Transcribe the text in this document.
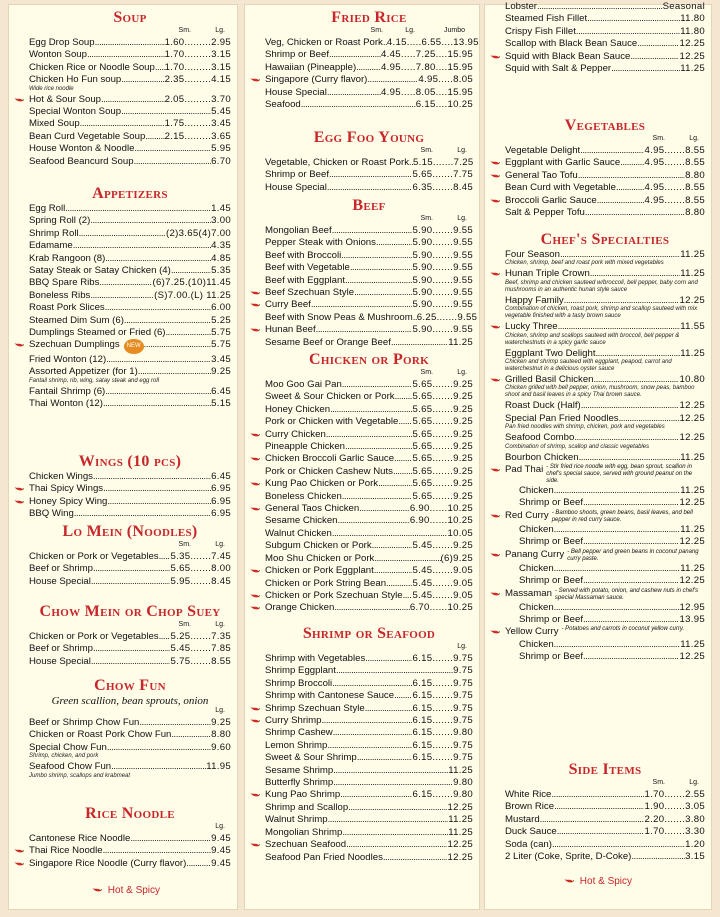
Soup
Sm.	Lg.
Egg Drop Soup .....	1.60.........2.95
Wonton Soup .....	1.70.........3.15
Chicken Rice or Noodle Soup ..... 1.70.........3.15
Chicken Ho Fun soup .....	2.35.........4.15
Wide rice noodle
Hot & Sour Soup .....	2.05.........3.70
Special Wonton Soup .....	5.45
Mixed Soup .....	1.75.........3.45
Bean Curd Vegetable Soup ..... 2.15.........3.65
House Wonton & Noodle .....	5.95
Seafood Beancurd Soup .....	6.70
Appetizers
Egg Roll .....	1.45
Spring Roll (2) .....	3.00
Shrimp Roll .....	(2)3.65(4)7.00
Edamame .....	4.35
Krab Rangoon (8) .....	4.85
Satay Steak or Satay Chicken (4) .....	5.35
BBQ Spare Ribs .....	(6)7.25.(10)11.45
Boneless Ribs .....	(S)7.00.(L) 11.25
Roast Pork Slices .....	6.00
Steamed Dim Sum (6) .....	5.25
Dumplings Steamed or Fried (6) .....	5.75
Szechuan Dumplings	NEW .....	5.75
Fried Wonton (12) .....	3.45
Assorted Appetizer (for 1) .....	9.25
Fantail shrimp, rib, wing, satay steak and egg roll
Fantail Shrimp (6) .....	6.45
Thai Wonton (12) .....	5.15
Wings (10 pcs)
Chicken Wings .....	6.45
Thai Spicy Wings .....	6.95
Honey Spicy Wing .....	6.95
BBQ Wing .....	6.95
Lo Mein (Noodles)
Sm.	Lg.
Chicken or Pork or Vegetables ..... 5.35.......7.45
Beef or Shrimp .....	5.65.......8.00
House Special .....	5.95.......8.45
Chow Mein or Chop Suey
Sm.	Lg.
Chicken or Pork or Vegetables ..... 5.25.......7.35
Beef or Shrimp .....	5.45.......7.85
House Special .....	5.75.......8.55
Chow Fun
Green scallion, bean sprouts, onion
Lg.
Beef or Shrimp Chow Fun .....	9.25
Chicken or Roast Pork Chow Fun .....	8.80
Special Chow Fun .....	9.60
Shrimp, chicken, and pork
Seafood Chow Fun .....	11.95
Jumbo shrimp, scallops and krabmeat
Rice Noodle
Lg.
Cantonese Rice Noodle .....	9.45
Thai Rice Noodle .....	9.45
Singapore Rice Noodle (Curry flavor) .....	9.45
Fried Rice
Sm.	Lg.	Jumbo
Veg, Chicken or Roast Pork ..... 4.15.....6.55....13.95
Shrimp or Beef .....	4.45.....7.25....15.95
Hawaiian (Pineapple) .....	4.95.....7.80....15.95
Singapore (Curry flavor) .....	4.95.....8.05
House Special .....	4.95.....8.05....15.95
Seafood .....	6.15....10.25
Egg Foo Young
Sm.	Lg.
Vegetable, Chicken or Roast Pork ..... 5.15.......7.25
Shrimp or Beef .....	5.65.......7.75
House Special .....	6.35.......8.45
Beef
Sm.	Lg.
Mongolian Beef .....	5.90.......9.55
Pepper Steak with Onions .....	5.90.......9.55
Beef with Broccoli .....	5.90.......9.55
Beef with Vegetable .....	5.90.......9.55
Beef with Eggplant .....	5.90.......9.55
Beef Szechuan Style .....	5.90.......9.55
Curry Beef .....	5.90.......9.55
Beef with Snow Peas & Mushroom ..... 6.25.......9.55
Hunan Beef .....	5.90.......9.55
Sesame Beef or Orange Beef .....	11.25
Chicken or Pork
Sm.	Lg.
Moo Goo Gai Pan .....	5.65.......9.25
Sweet & Sour Chicken or Pork ..... 5.65.......9.25
Honey Chicken .....	5.65.......9.25
Pork or Chicken with Vegetable ..... 5.65.......9.25
Curry Chicken .....	5.65.......9.25
Pineapple Chicken .....	5.65.......9.25
Chicken Broccoli Garlic Sauce ..... 5.65.......9.25
Pork or Chicken Cashew Nuts ..... 5.65.......9.25
Kung Pao Chicken or Pork .....	5.65.......9.25
Boneless Chicken .....	5.65.......9.25
General Taos Chicken .....	6.90......10.25
Sesame Chicken .....	6.90......10.25
Walnut Chicken .....	10.05
Subgum Chicken or Pork .....	5.45.......9.25
Moo Shu Chicken or Pork .....	(6)9.25
Chicken or Pork Eggplant .....	5.45.......9.05
Chicken or Pork String Bean .....	5.45.......9.05
Chicken or Pork Szechuan Style ..... 5.45.......9.05
Orange Chicken .....	6.70......10.25
Shrimp or Seafood
Lg.
Shrimp with Vegetables .....	6.15.......9.75
Shrimp Eggplant .....	9.75
Shrimp Broccoli .....	6.15.......9.75
Shrimp with Cantonese Sauce ..... 6.15.......9.75
Shrimp Szechuan Style .....	6.15.......9.75
Curry Shrimp .....	6.15.......9.75
Shrimp Cashew .....	6.15.......9.80
Lemon Shrimp .....	6.15.......9.75
Sweet & Sour Shrimp .....	6.15.......9.75
Sesame Shrimp .....	11.25
Butterfly Shrimp .....	9.80
Kung Pao Shrimp .....	6.15.......9.80
Shrimp and Scallop .....	12.25
Walnut Shrimp .....	11.25
Mongolian Shrimp .....	11.25
Szechuan Seafood .....	12.25
Seafood Pan Fried Noodles .....	12.25
Lobster .....	Seasonal
Steamed Fish Fillet .....	11.80
Crispy Fish Fillet .....	11.80
Scallop with Black Bean Sauce .....	12.25
Squid with Black Bean Sauce .....	12.25
Squid with Salt & Pepper .....	11.25
Vegetables
Sm.	Lg.
Vegetable Delight .....	4.95.......8.55
Eggplant with Garlic Sauce .....	4.95.......8.55
General Tao Tofu .....	8.80
Bean Curd with Vegetable .....	4.95.......8.55
Broccoli Garlic Sauce .....	4.95.......8.55
Salt & Pepper Tofu .....	8.80
Chef's Specialties
Four Season .....	11.25
Chicken, shrimp, beef and roast pork with mixed vegetables
Hunan Triple Crown .....	11.25
Beef, shrimp and chicken sauteed w/broccoli, bell pepper, baby corn and mushrooms in an authentic hunan style sauce
Happy Family .....	12.25
Combination of chicken, roast pork, shrimp and scallop sauteed with mix vegetable finished with a tasty brown sauce
Lucky Three .....	11.55
Chicken, shrimp and scallops sauteed with broccoli, bell pepper & waterchestnuts in a spicy garlic sauce
Eggplant Two Delight .....	11.25
Chicken and shrimp sauteed with eggplant, peapod, carrot and waterchestnut in a delicious oyster sauce
Grilled Basil Chicken .....	10.80
Chicken grilled with bell pepper, onion, mushroom, snow peas, bamboo shoot and basil leaves in a spicy Thai brown sauce.
Roast Duck (Half) .....	12.25
Special Pan Fried Noodles .....	12.25
Pan fried noodles with shrimp, chicken, pork and vegetables
Seafood Combo .....	12.25
Combination of shrimp, scallop and classic vegetables
Bourbon Chicken .....	11.25
Pad Thai - Stir fried rice noodle with egg, bean sprout, scallion in chef's special sauce, served with ground peanut on the side.
Chicken .....	11.25
Shrimp or Beef .....	12.25
Red Curry - Bamboo shoots, green beans, basil leaves, and bell pepper in red curry sauce.
Chicken .....	11.25
Shrimp or Beef .....	12.25
Panang Curry - Bell pepper and green beans in coconut panang curry paste.
Chicken .....	11.25
Shrimp or Beef .....	12.25
Massaman - Served with potato, onion, and cashew nuts in chef's special Massaman sauce.
Chicken .....	12.95
Shrimp or Beef .....	13.95
Yellow Curry - Potatoes and carrots in coconut yellow curry.
Chicken .....	11.25
Shrimp or Beef .....	12.25
Side Items
Sm.	Lg.
White Rice .....	1.70.......2.55
Brown Rice .....	1.90.......3.05
Mustard .....	2.20.......3.80
Duck Sauce .....	1.70.......3.30
Soda (can) .....	1.20
2 Liter (Coke, Sprite, D-Coke) .....	3.15
Hot & Spicy
Hot & Spicy
